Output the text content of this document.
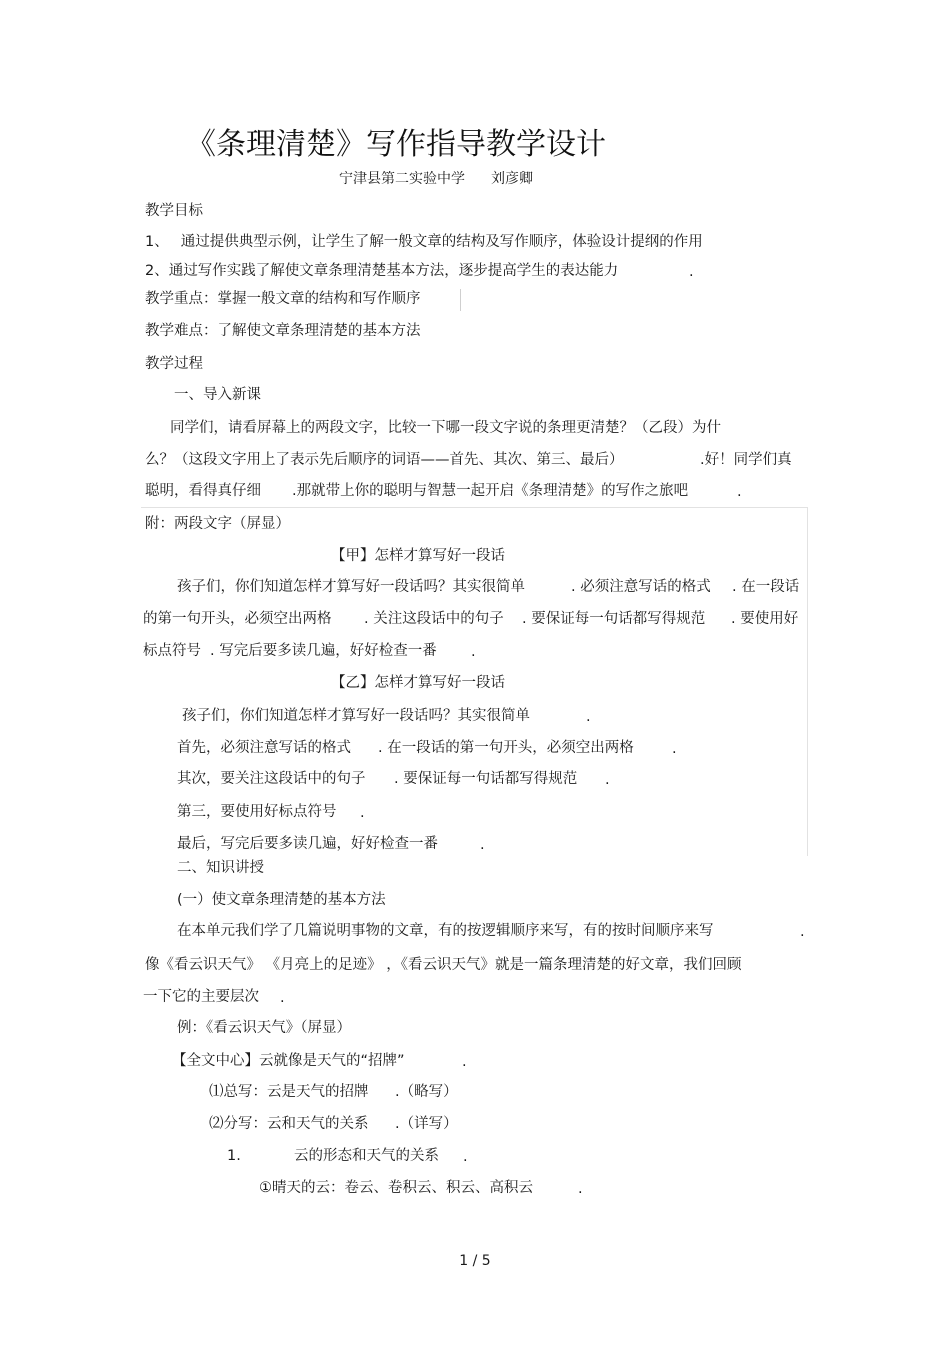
《条理清楚》写作指导教学设计
宁津县第二实验中学 刘彦卿
教学目标
1、 通过提供典型示例，让学生了解一般文章的结构及写作顺序，体验设计提纲的作用
2、通过写作实践了解使文章条理清楚基本方法，逐步提高学生的表达能力	.
教学重点：掌握一般文章的结构和写作顺序
教学难点：了解使文章条理清楚的基本方法
教学过程
一、导入新课
同学们，请看屏幕上的两段文字，比较一下哪一段文字说的条理更清楚？（乙段）为什
么？（这段文字用上了表示先后顺序的词语——首先、其次、第三、最后）	.好！同学们真
聪明，看得真仔细 .那就带上你的聪明与智慧一起开启《条理清楚》的写作之旅吧	.
附：两段文字（屏显）
【甲】怎样才算写好一段话
孩子们，你们知道怎样才算写好一段话吗？其实很简单	. 必须注意写话的格式 . 在一段话
的第一句开头，必须空出两格 . 关注这段话中的句子 . 要保证每一句话都写得规范 . 要使用好
标点符号 . 写完后要多读几遍，好好检查一番 .
【乙】怎样才算写好一段话
孩子们，你们知道怎样才算写好一段话吗？其实很简单	.
首先，必须注意写话的格式 . 在一段话的第一句开头，必须空出两格	.
其次，要关注这段话中的句子 . 要保证每一句话都写得规范 .
第三，要使用好标点符号 .
最后，写完后要多读几遍，好好检查一番	.
二、知识讲授
(一）使文章条理清楚的基本方法
在本单元我们学了几篇说明事物的文章，有的按逻辑顺序来写，有的按时间顺序来写	.
像《看云识天气》 《月亮上的足迹》 ，《看云识天气》就是一篇条理清楚的好文章，我们回顾
一下它的主要层次 .
例：《看云识天气》（屏显）
【全文中心】云就像是天气的“招牌”	.
⑴总写：云是天气的招牌 .（略写）
⑵分写：云和天气的关系 .（详写）
1.	云的形态和天气的关系 .
①晴天的云：卷云、卷积云、积云、高积云	.
1 / 5
